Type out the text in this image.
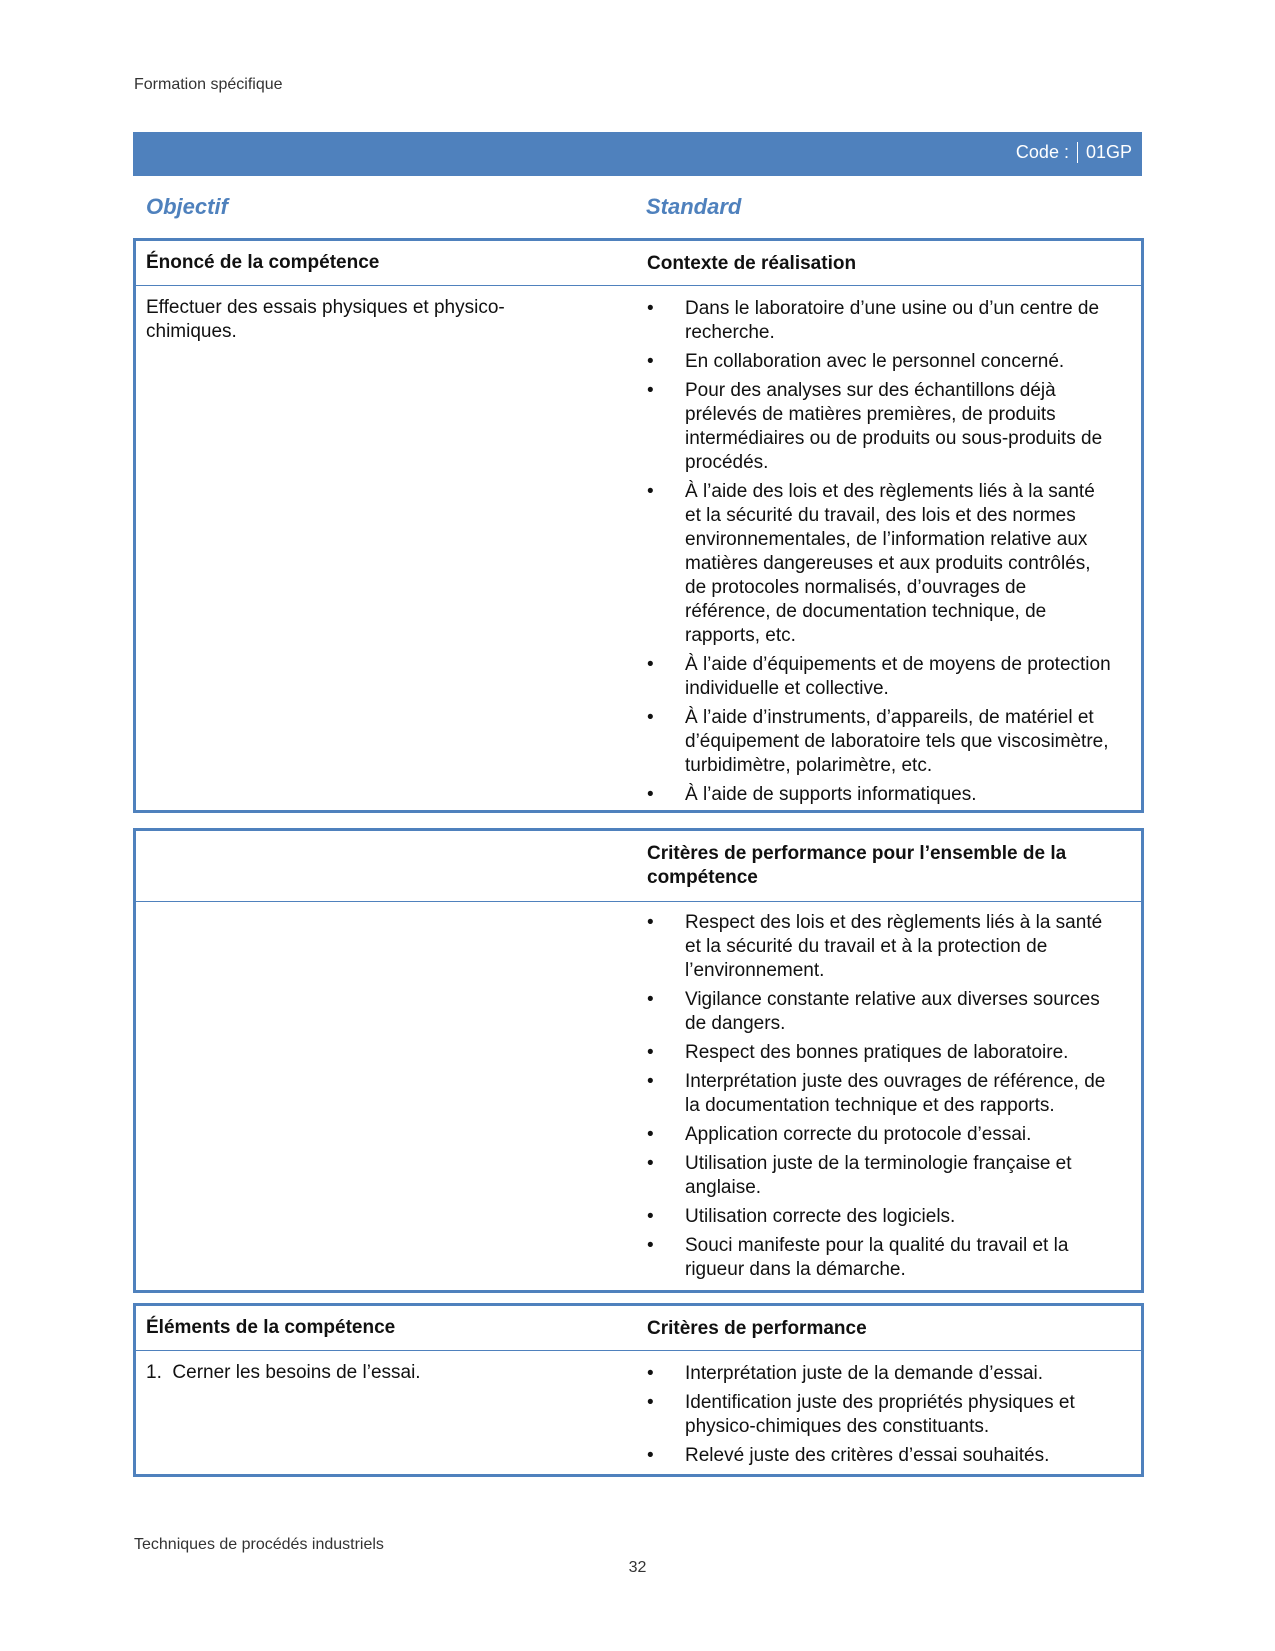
Formation spécifique
Code : 01GP
Objectif	Standard
Énoncé de la compétence	Contexte de réalisation
Effectuer des essais physiques et physico-chimiques.
• Dans le laboratoire d’une usine ou d’un centre de recherche.
• En collaboration avec le personnel concerné.
• Pour des analyses sur des échantillons déjà prélevés de matières premières, de produits intermédiaires ou de produits ou sous-produits de procédés.
• À l’aide des lois et des règlements liés à la santé et la sécurité du travail, des lois et des normes environnementales, de l’information relative aux matières dangereuses et aux produits contrôlés, de protocoles normalisés, d’ouvrages de référence, de documentation technique, de rapports, etc.
• À l’aide d’équipements et de moyens de protection individuelle et collective.
• À l’aide d’instruments, d’appareils, de matériel et d’équipement de laboratoire tels que viscosimètre, turbidimètre, polarimètre, etc.
• À l’aide de supports informatiques.
Critères de performance pour l’ensemble de la compétence
• Respect des lois et des règlements liés à la santé et la sécurité du travail et à la protection de l’environnement.
• Vigilance constante relative aux diverses sources de dangers.
• Respect des bonnes pratiques de laboratoire.
• Interprétation juste des ouvrages de référence, de la documentation technique et des rapports.
• Application correcte du protocole d’essai.
• Utilisation juste de la terminologie française et anglaise.
• Utilisation correcte des logiciels.
• Souci manifeste pour la qualité du travail et la rigueur dans la démarche.
Éléments de la compétence	Critères de performance
1.  Cerner les besoins de l’essai.
•	Interprétation juste de la demande d’essai.
• Identification juste des propriétés physiques et physico-chimiques des constituants.
• Relevé juste des critères d’essai souhaités.
Techniques de procédés industriels
32
